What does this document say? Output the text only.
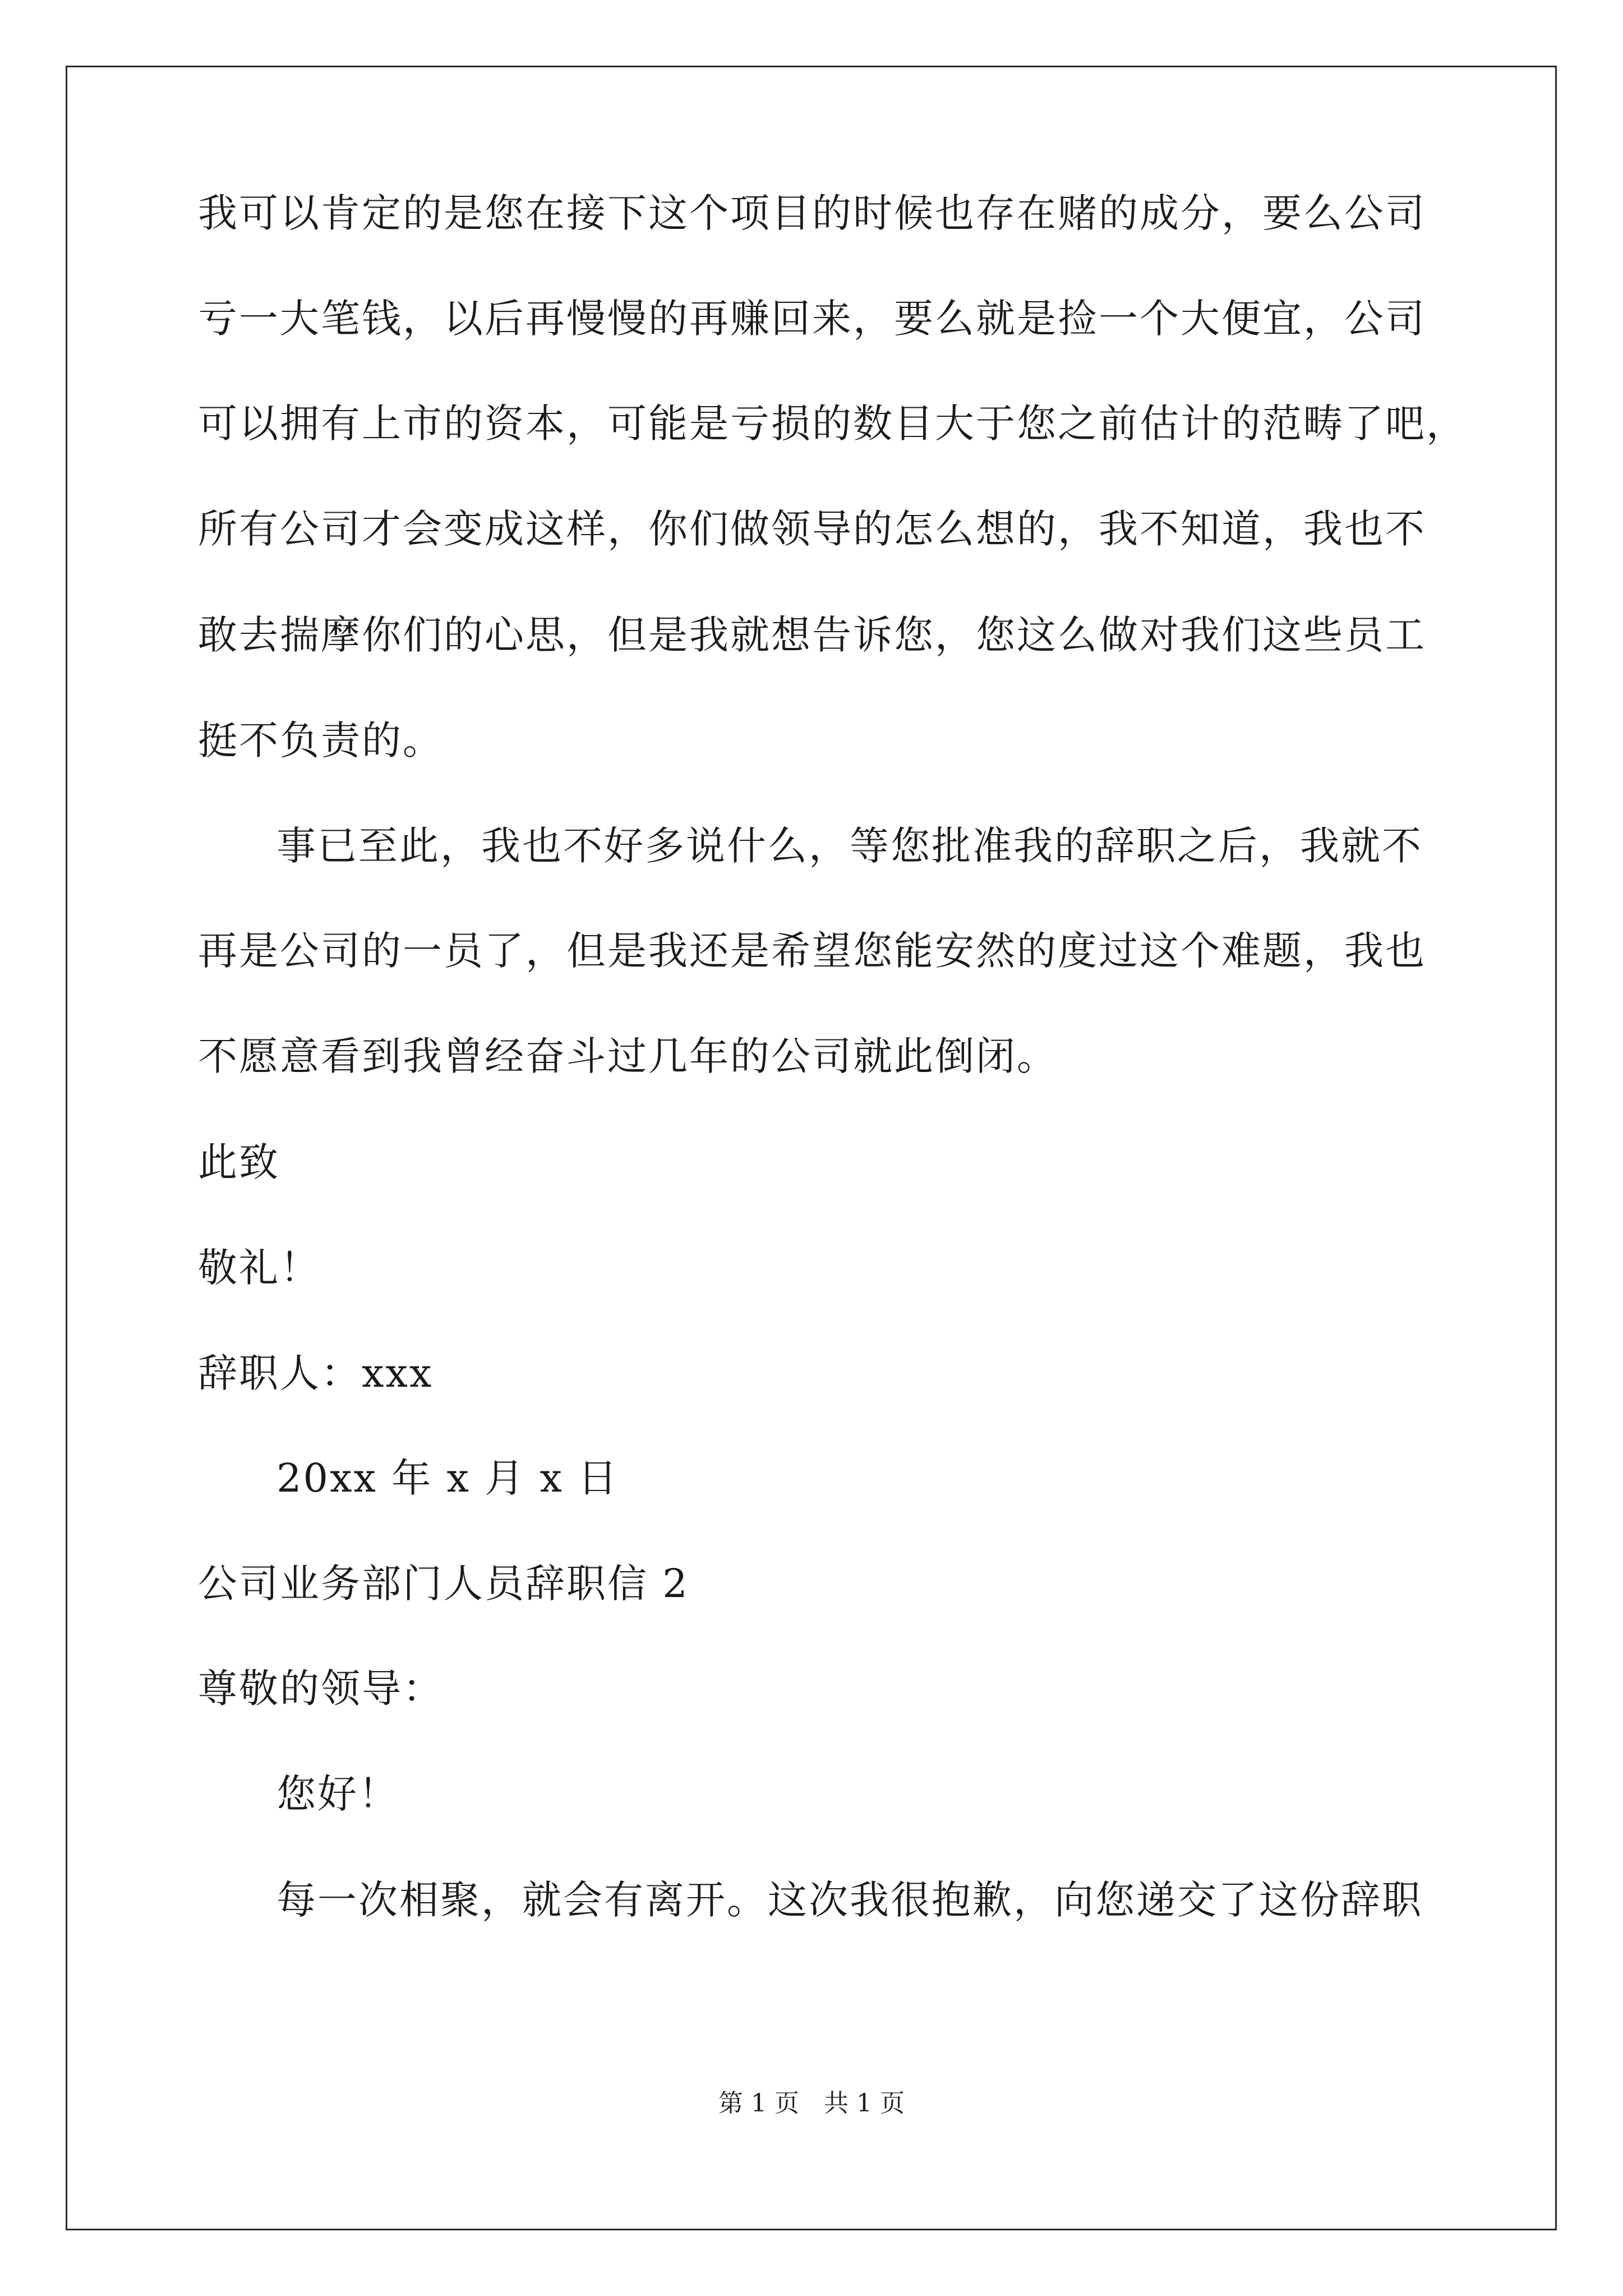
我可以肯定的是您在接下这个项目的时候也存在赌的成分，要么公司
亏一大笔钱，以后再慢慢的再赚回来，要么就是捡一个大便宜，公司
可以拥有上市的资本，可能是亏损的数目大于您之前估计的范畴了吧，
所有公司才会变成这样，你们做领导的怎么想的，我不知道，我也不
敢去揣摩你们的心思，但是我就想告诉您，您这么做对我们这些员工
挺不负责的。
事已至此，我也不好多说什么，等您批准我的辞职之后，我就不
再是公司的一员了，但是我还是希望您能安然的度过这个难题，我也
不愿意看到我曾经奋斗过几年的公司就此倒闭。
此致
敬礼！
辞职人：xxx
20xx 年 x 月 x 日
公司业务部门人员辞职信 2
尊敬的领导：
您好！
每一次相聚，就会有离开。这次我很抱歉，向您递交了这份辞职
第 1 页　共 1 页
